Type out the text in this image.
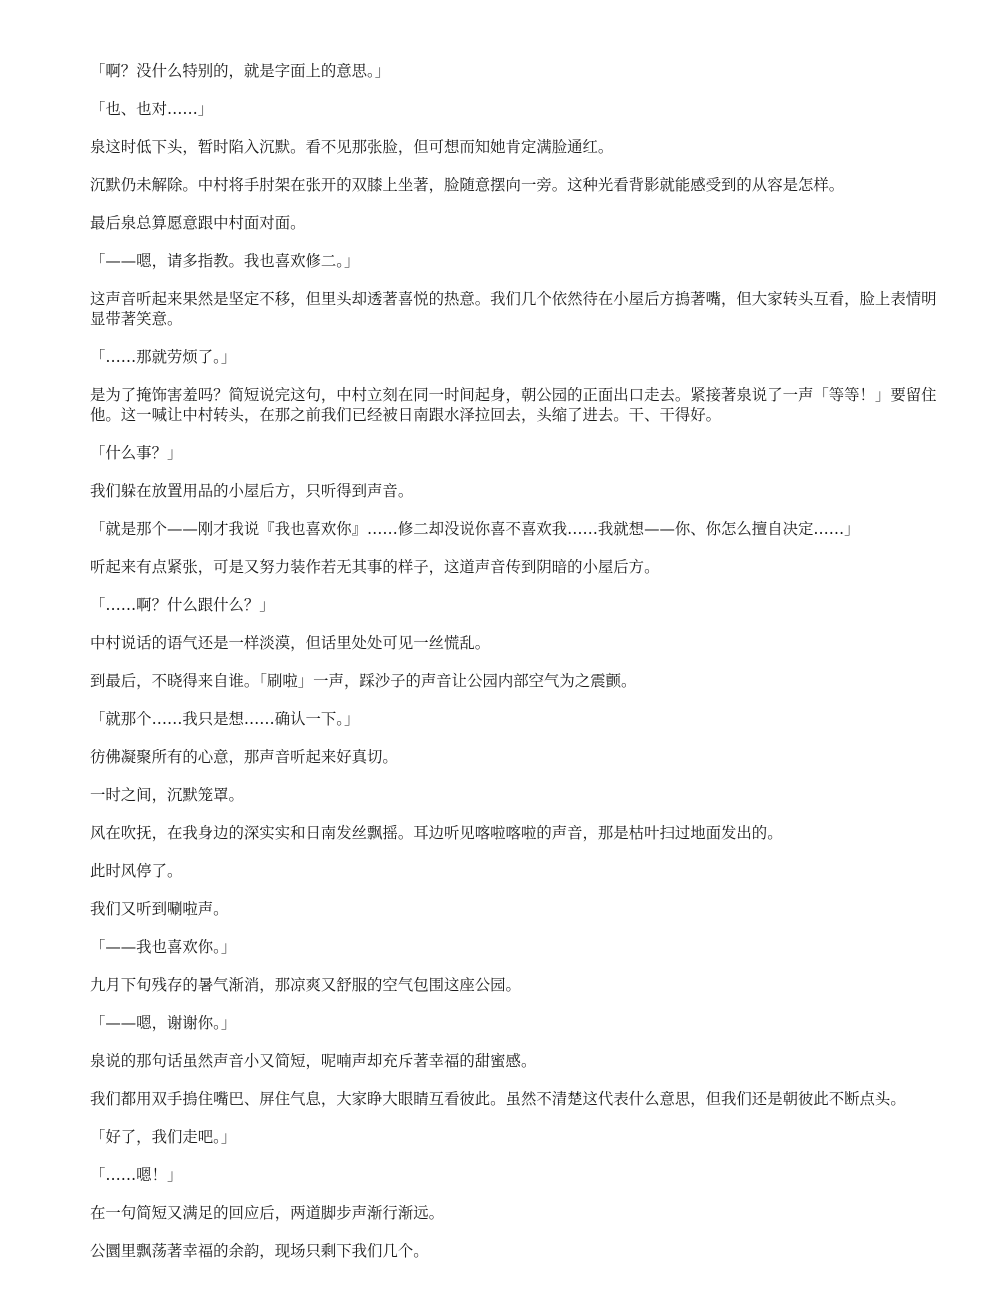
「啊？没什么特别的，就是字面上的意思。」

「也、也对……」

泉这时低下头，暂时陷入沉默。看不见那张脸，但可想而知她肯定满脸通红。

沉默仍未解除。中村将手肘架在张开的双膝上坐著，脸随意摆向一旁。这种光看背影就能感受到的从容是怎样。

最后泉总算愿意跟中村面对面。

「——嗯，请多指教。我也喜欢修二。」

这声音听起来果然是坚定不移，但里头却透著喜悦的热意。我们几个依然待在小屋后方摀著嘴，但大家转头互看，脸上表情明显带著笑意。

「……那就劳烦了。」

是为了掩饰害羞吗？简短说完这句，中村立刻在同一时间起身，朝公园的正面出口走去。紧接著泉说了一声「等等！」要留住他。这一喊让中村转头，在那之前我们已经被日南跟水泽拉回去，头缩了进去。干、干得好。

「什么事？」

我们躲在放置用品的小屋后方，只听得到声音。

「就是那个——刚才我说『我也喜欢你』……修二却没说你喜不喜欢我……我就想——你、你怎么擅自决定……」

听起来有点紧张，可是又努力装作若无其事的样子，这道声音传到阴暗的小屋后方。

「……啊？什么跟什么？」

中村说话的语气还是一样淡漠，但话里处处可见一丝慌乱。

到最后，不晓得来自谁。「刷啦」一声，踩沙子的声音让公园内部空气为之震颤。

「就那个……我只是想……确认一下。」

彷佛凝聚所有的心意，那声音听起来好真切。

一时之间，沉默笼罩。

风在吹抚，在我身边的深实实和日南发丝飘摇。耳边听见喀啦喀啦的声音，那是枯叶扫过地面发出的。

此时风停了。

我们又听到唰啦声。

「——我也喜欢你。」

九月下旬残存的暑气渐消，那凉爽又舒服的空气包围这座公园。

「——嗯，谢谢你。」

泉说的那句话虽然声音小又简短，呢喃声却充斥著幸福的甜蜜感。

我们都用双手摀住嘴巴、屏住气息，大家睁大眼睛互看彼此。虽然不清楚这代表什么意思，但我们还是朝彼此不断点头。

「好了，我们走吧。」

「……嗯！」

在一句简短又满足的回应后，两道脚步声渐行渐远。

公圜里飘荡著幸福的余韵，现场只剩下我们几个。
